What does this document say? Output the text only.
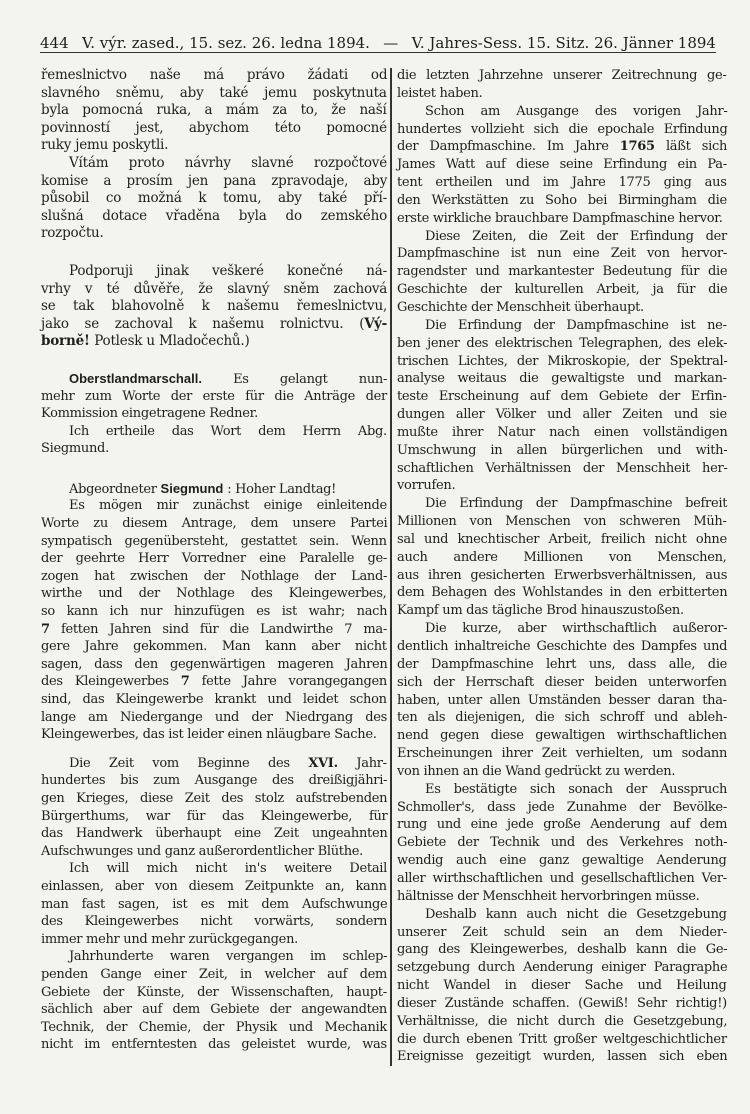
444 V. výr. zased., 15. sez. 26. ledna 1894. — V. Jahres-Sess. 15. Sitz. 26. Jänner 1894
řemeslnictvo naše má právo žádati od
slavného sněmu, aby také jemu poskytnuta
byla pomocná ruka, a mám za to, že naší
povinností jest, abychom této pomocné
ruky jemu poskytli.
Vítám proto návrhy slavné rozpočtové
komise a prosím jen pana zpravodaje, aby
působil co možná k tomu, aby také pří-
slušná dotace vřaděna byla do zemského
rozpočtu.
Podporuji jinak veškeré konečné ná-
vrhy v té důvěře, že slavný sněm zachová
se tak blahovolně k našemu řemeslnictvu,
jako se zachoval k našemu rolnictvu. (Vý-
borně! Potlesk u Mladočechů.)
Oberstlandmarschall. Es gelangt nun-
mehr zum Worte der erste für die Anträge der
Kommission eingetragene Redner.
Ich ertheile das Wort dem Herrn Abg.
Siegmund.
Abgeordneter Siegmund : Hoher Landtag!
Es mögen mir zunächst einige einleitende
Worte zu diesem Antrage, dem unsere Partei
sympatisch gegenübersteht, gestattet sein. Wenn
der geehrte Herr Vorredner eine Paralelle ge-
zogen hat zwischen der Nothlage der Land-
wirthe und der Nothlage des Kleingewerbes,
so kann ich nur hinzufügen es ist wahr; nach
7 fetten Jahren sind für die Landwirthe 7 ma-
gere Jahre gekommen. Man kann aber nicht
sagen, dass den gegenwärtigen mageren Jahren
des Kleingewerbes 7 fette Jahre vorangegangen
sind, das Kleingewerbe krankt und leidet schon
lange am Niedergange und der Niedrgang des
Kleingewerbes, das ist leider einen nläugbare Sache.
Die Zeit vom Beginne des XVI. Jahr-
hundertes bis zum Ausgange des dreißigjähri-
gen Krieges, diese Zeit des stolz aufstrebenden
Bürgerthums, war für das Kleingewerbe, für
das Handwerk überhaupt eine Zeit ungeahnten
Aufschwunges und ganz außerordentlicher Blüthe.
Ich will mich nicht in's weitere Detail
einlassen, aber von diesem Zeitpunkte an, kann
man fast sagen, ist es mit dem Aufschwunge
des Kleingewerbes nicht vorwärts, sondern
immer mehr und mehr zurückgegangen.
Jahrhunderte waren vergangen im schlep-
penden Gange einer Zeit, in welcher auf dem
Gebiete der Künste, der Wissenschaften, haupt-
sächlich aber auf dem Gebiete der angewandten
Technik, der Chemie, der Physik und Mechanik
nicht im entferntesten das geleistet wurde, was
die letzten Jahrzehne unserer Zeitrechnung ge-
leistet haben.
Schon am Ausgange des vorigen Jahr-
hundertes vollzieht sich die epochale Erfindung
der Dampfmaschine. Im Jahre 1765 läßt sich
James Watt auf diese seine Erfindung ein Pa-
tent ertheilen und im Jahre 1775 ging aus
den Werkstätten zu Soho bei Birmingham die
erste wirkliche brauchbare Dampfmaschine hervor.
Diese Zeiten, die Zeit der Erfindung der
Dampfmaschine ist nun eine Zeit von hervor-
ragendster und markantester Bedeutung für die
Geschichte der kulturellen Arbeit, ja für die
Geschichte der Menschheit überhaupt.
Die Erfindung der Dampfmaschine ist ne-
ben jener des elektrischen Telegraphen, des elek-
trischen Lichtes, der Mikroskopie, der Spektral-
analyse weitaus die gewaltigste und markan-
teste Erscheinung auf dem Gebiete der Erfin-
dungen aller Völker und aller Zeiten und sie
mußte ihrer Natur nach einen vollständigen
Umschwung in allen bürgerlichen und with-
schaftlichen Verhältnissen der Menschheit her-
vorrufen.
Die Erfindung der Dampfmaschine befreit
Millionen von Menschen von schweren Müh-
sal und knechtischer Arbeit, freilich nicht ohne
auch andere Millionen von Menschen,
aus ihren gesicherten Erwerbsverhältnissen, aus
dem Behagen des Wohlstandes in den erbitterten
Kampf um das tägliche Brod hinauszustoßen.
Die kurze, aber wirthschaftlich außeror-
dentlich inhaltreiche Geschichte des Dampfes und
der Dampfmaschine lehrt uns, dass alle, die
sich der Herrschaft dieser beiden unterworfen
haben, unter allen Umständen besser daran tha-
ten als diejenigen, die sich schroff und ableh-
nend gegen diese gewaltigen wirthschaftlichen
Erscheinungen ihrer Zeit verhielten, um sodann
von ihnen an die Wand gedrückt zu werden.
Es bestätigte sich sonach der Ausspruch
Schmoller's, dass jede Zunahme der Bevölke-
rung und eine jede große Aenderung auf dem
Gebiete der Technik und des Verkehres noth-
wendig auch eine ganz gewaltige Aenderung
aller wirthschaftlichen und gesellschaftlichen Ver-
hältnisse der Menschheit hervorbringen müsse.
Deshalb kann auch nicht die Gesetzgebung
unserer Zeit schuld sein an dem Nieder-
gang des Kleingewerbes, deshalb kann die Ge-
setzgebung durch Aenderung einiger Paragraphe
nicht Wandel in dieser Sache und Heilung
dieser Zustände schaffen. (Gewiß! Sehr richtig!)
Verhältnisse, die nicht durch die Gesetzgebung,
die durch ebenen Tritt großer weltgeschichtlicher
Ereignisse gezeitigt wurden, lassen sich eben
